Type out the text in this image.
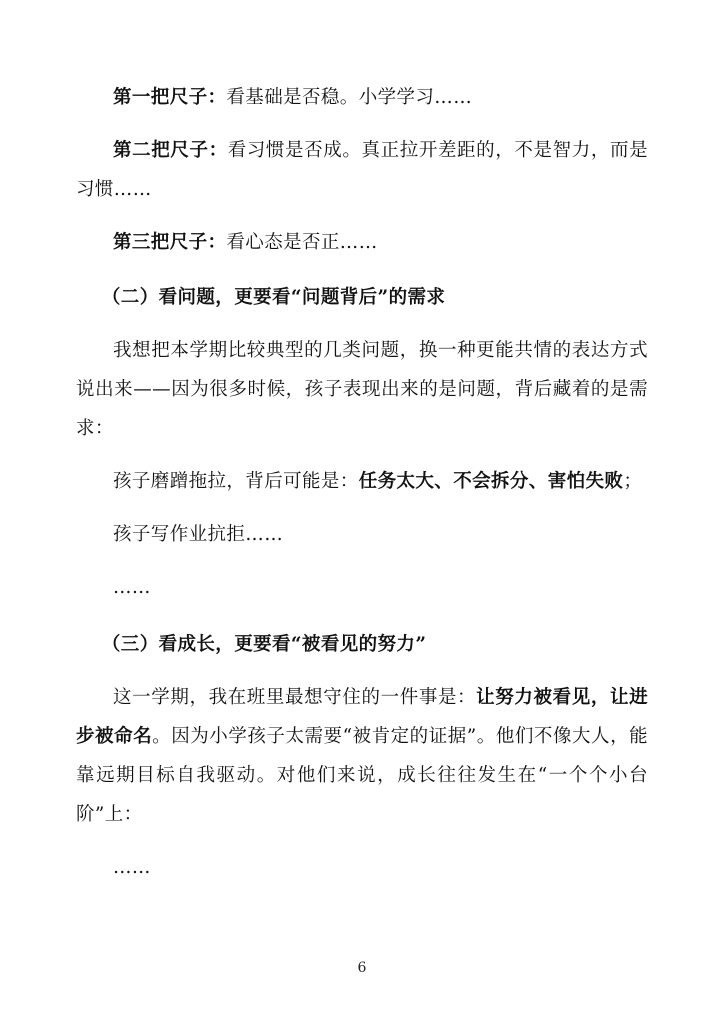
第一把尺子：看基础是否稳。小学学习……

第二把尺子：看习惯是否成。真正拉开差距的，不是智力，而是习惯……

第三把尺子：看心态是否正……

（二）看问题，更要看“问题背后”的需求

我想把本学期比较典型的几类问题，换一种更能共情的表达方式说出来——因为很多时候，孩子表现出来的是问题，背后藏着的是需求：

孩子磨蹭拖拉，背后可能是：任务太大、不会拆分、害怕失败；

孩子写作业抗拒……

……

（三）看成长，更要看“被看见的努力”

这一学期，我在班里最想守住的一件事是：让努力被看见，让进步被命名。因为小学孩子太需要“被肯定的证据”。他们不像大人，能靠远期目标自我驱动。对他们来说，成长往往发生在“一个个小台阶”上：

……

6
